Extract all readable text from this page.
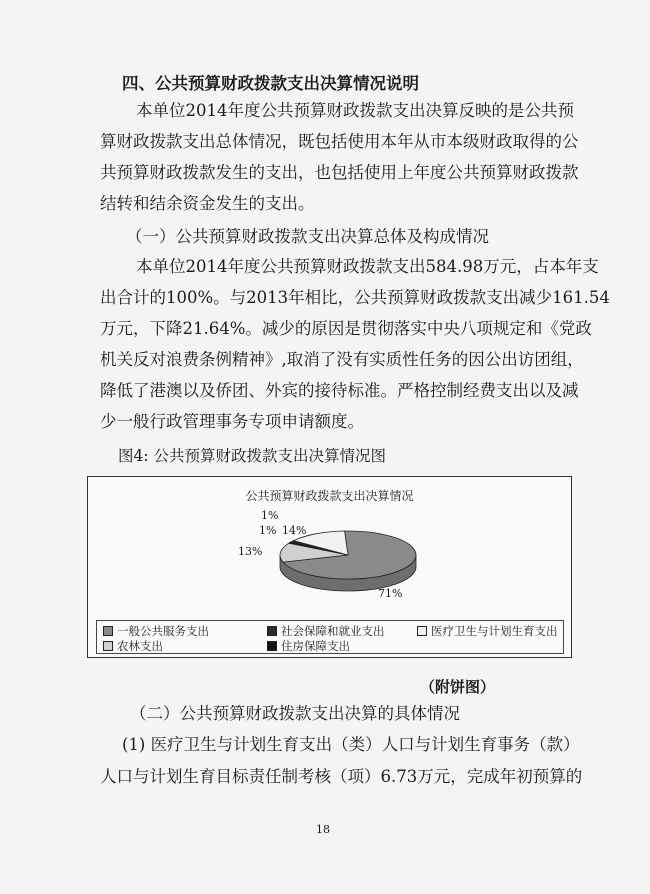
四、公共预算财政拨款支出决算情况说明
本单位2014年度公共预算财政拨款支出决算反映的是公共预
算财政拨款支出总体情况，既包括使用本年从市本级财政取得的公
共预算财政拨款发生的支出，也包括使用上年度公共预算财政拨款
结转和结余资金发生的支出。
（一）公共预算财政拨款支出决算总体及构成情况
本单位2014年度公共预算财政拨款支出584.98万元，占本年支
出合计的100%。与2013年相比，公共预算财政拨款支出减少161.54
万元，下降21.64%。减少的原因是贯彻落实中央八项规定和《党政
机关反对浪费条例精神》,取消了没有实质性任务的因公出访团组，
降低了港澳以及侨团、外宾的接待标准。严格控制经费支出以及减
少一般行政管理事务专项申请额度。
图4: 公共预算财政拨款支出决算情况图
公共预算财政拨款支出决算情况
1%
1% 14%
13%
71%
一般公共服务支出	社会保障和就业支出	医疗卫生与计划生育支出
农林支出	住房保障支出
（附饼图）
（二）公共预算财政拨款支出决算的具体情况
(1) 医疗卫生与计划生育支出（类）人口与计划生育事务（款）
人口与计划生育目标责任制考核（项）6.73万元，完成年初预算的
18
